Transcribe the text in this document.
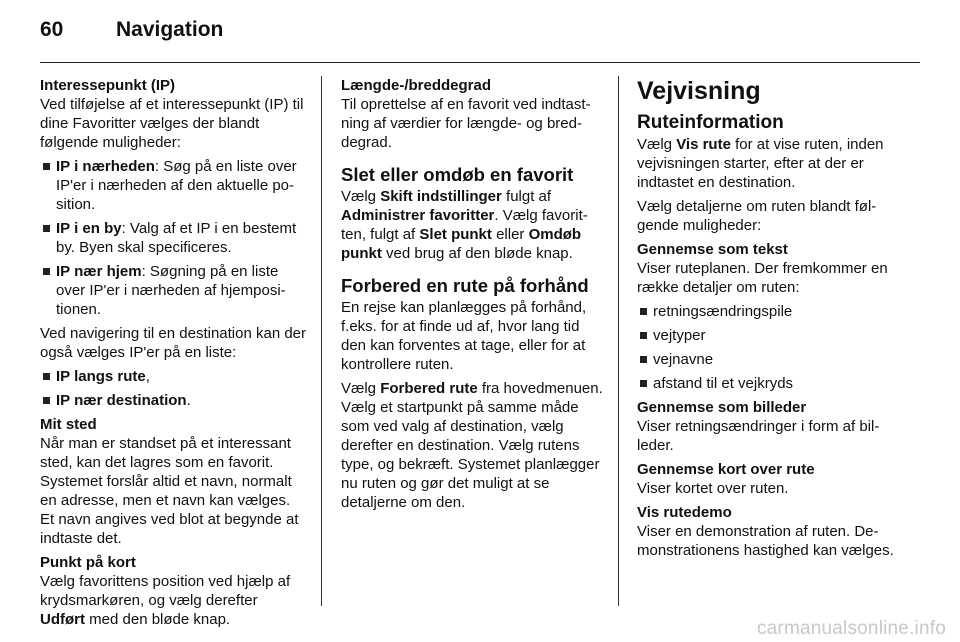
60	Navigation

Interessepunkt (IP)

Ved tilføjelse af et interessepunkt (IP) til dine Favoritter vælges der blandt følgende muligheder:

IP i nærheden: Søg på en liste over IP'er i nærheden af den aktuelle position.
IP i en by: Valg af et IP i en bestemt by. Byen skal specificeres.
IP nær hjem: Søgning på en liste over IP'er i nærheden af hjempositionen.

Ved navigering til en destination kan der også vælges IP'er på en liste:

IP langs rute,
IP nær destination.

Mit sted

Når man er standset på et interessant sted, kan det lagres som en favorit. Systemet forslår altid et navn, normalt en adresse, men et navn kan vælges. Et navn angives ved blot at begynde at indtaste det.

Punkt på kort

Vælg favorittens position ved hjælp af krydsmarkøren, og vælg derefter
Udført med den bløde knap.

Længde-/breddegrad

Til oprettelse af en favorit ved indtastning af værdier for længde- og breddegrad.

Slet eller omdøb en favorit

Vælg Skift indstillinger fulgt af
Administrer favoritter. Vælg favoritten, fulgt af Slet punkt eller Omdøb punkt ved brug af den bløde knap.

Forbered en rute på forhånd

En rejse kan planlægges på forhånd, f.eks. for at finde ud af, hvor lang tid den kan forventes at tage, eller for at kontrollere ruten.

Vælg Forbered rute fra hovedmenuen. Vælg et startpunkt på samme måde som ved valg af destination, vælg derefter en destination. Vælg rutens type, og bekræft. Systemet planlægger nu ruten og gør det muligt at se detaljerne om den.

Vejvisning
Ruteinformation

Vælg Vis rute for at vise ruten, inden vejvisningen starter, efter at der er indtastet en destination.

Vælg detaljerne om ruten blandt følgende muligheder:

Gennemse som tekst

Viser ruteplanen. Der fremkommer en række detaljer om ruten:

retningsændringspile
vejtyper
vejnavne
afstand til et vejkryds

Gennemse som billeder

Viser retningsændringer i form af billeder.

Gennemse kort over rute

Viser kortet over ruten.

Vis rutedemo

Viser en demonstration af ruten. Demonstrationens hastighed kan vælges.

carmanualsonline.info
